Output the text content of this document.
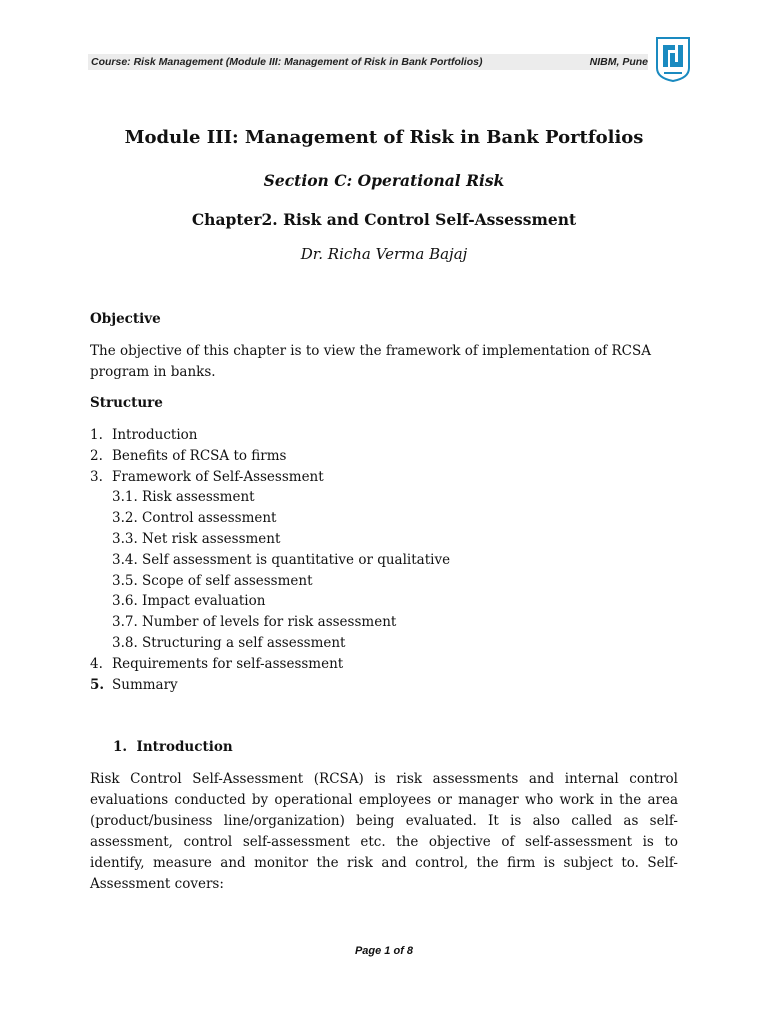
Course: Risk Management (Module III: Management of Risk in Bank Portfolios)	NIBM, Pune
Module III: Management of Risk in Bank Portfolios
Section C: Operational Risk
Chapter2. Risk and Control Self-Assessment
Dr. Richa Verma Bajaj
Objective
The objective of this chapter is to view the framework of implementation of RCSA program in banks.
Structure
1. Introduction
2. Benefits of RCSA to firms
3. Framework of Self-Assessment
3.1. Risk assessment
3.2. Control assessment
3.3. Net risk assessment
3.4. Self assessment is quantitative or qualitative
3.5. Scope of self assessment
3.6. Impact evaluation
3.7. Number of levels for risk assessment
3.8. Structuring a self assessment
4. Requirements for self-assessment
5. Summary
1. Introduction
Risk Control Self-Assessment (RCSA) is risk assessments and internal control evaluations conducted by operational employees or manager who work in the area (product/business line/organization) being evaluated. It is also called as self-assessment, control self-assessment etc. the objective of self-assessment is to identify, measure and monitor the risk and control, the firm is subject to. Self-Assessment covers:
Page 1 of 8
